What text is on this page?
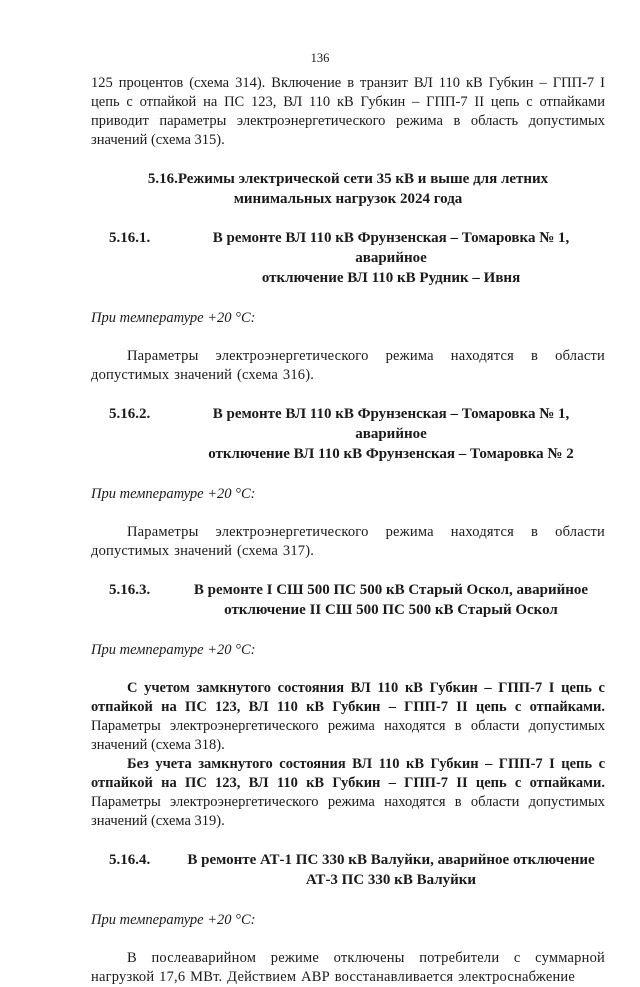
136

125 процентов (схема 314). Включение в транзит ВЛ 110 кВ Губкин – ГПП-7 I цепь с отпайкой на ПС 123, ВЛ 110 кВ Губкин – ГПП-7 II цепь с отпайками приводит параметры электроэнергетического режима в область допустимых значений (схема 315).

5.16.Режимы электрической сети 35 кВ и выше для летних
минимальных нагрузок 2024 года
5.16.1.	В ремонте ВЛ 110 кВ Фрунзенская – Томаровка № 1, аварийное
отключение ВЛ 110 кВ Рудник – Ивня

При температуре +20 °С:

Параметры электроэнергетического режима находятся в области допустимых значений (схема 316).

5.16.2.	В ремонте ВЛ 110 кВ Фрунзенская – Томаровка № 1, аварийное
отключение ВЛ 110 кВ Фрунзенская – Томаровка № 2

При температуре +20 °С:

Параметры электроэнергетического режима находятся в области допустимых значений (схема 317).

5.16.3.	В ремонте I СШ 500 ПС 500 кВ Старый Оскол, аварийное
отключение II СШ 500 ПС 500 кВ Старый Оскол

При температуре +20 °С:

С учетом замкнутого состояния ВЛ 110 кВ Губкин – ГПП-7 I цепь с отпайкой на ПС 123, ВЛ 110 кВ Губкин – ГПП-7 II цепь с отпайками. Параметры электроэнергетического режима находятся в области допустимых значений (схема 318).

Без учета замкнутого состояния ВЛ 110 кВ Губкин – ГПП-7 I цепь с отпайкой на ПС 123, ВЛ 110 кВ Губкин – ГПП-7 II цепь с отпайками. Параметры электроэнергетического режима находятся в области допустимых значений (схема 319).

5.16.4.	В ремонте АТ-1 ПС 330 кВ Валуйки, аварийное отключение
АТ-3 ПС 330 кВ Валуйки

При температуре +20 °С:

В послеаварийном режиме отключены потребители с суммарной нагрузкой 17,6 МВт. Действием АВР восстанавливается электроснабжение
